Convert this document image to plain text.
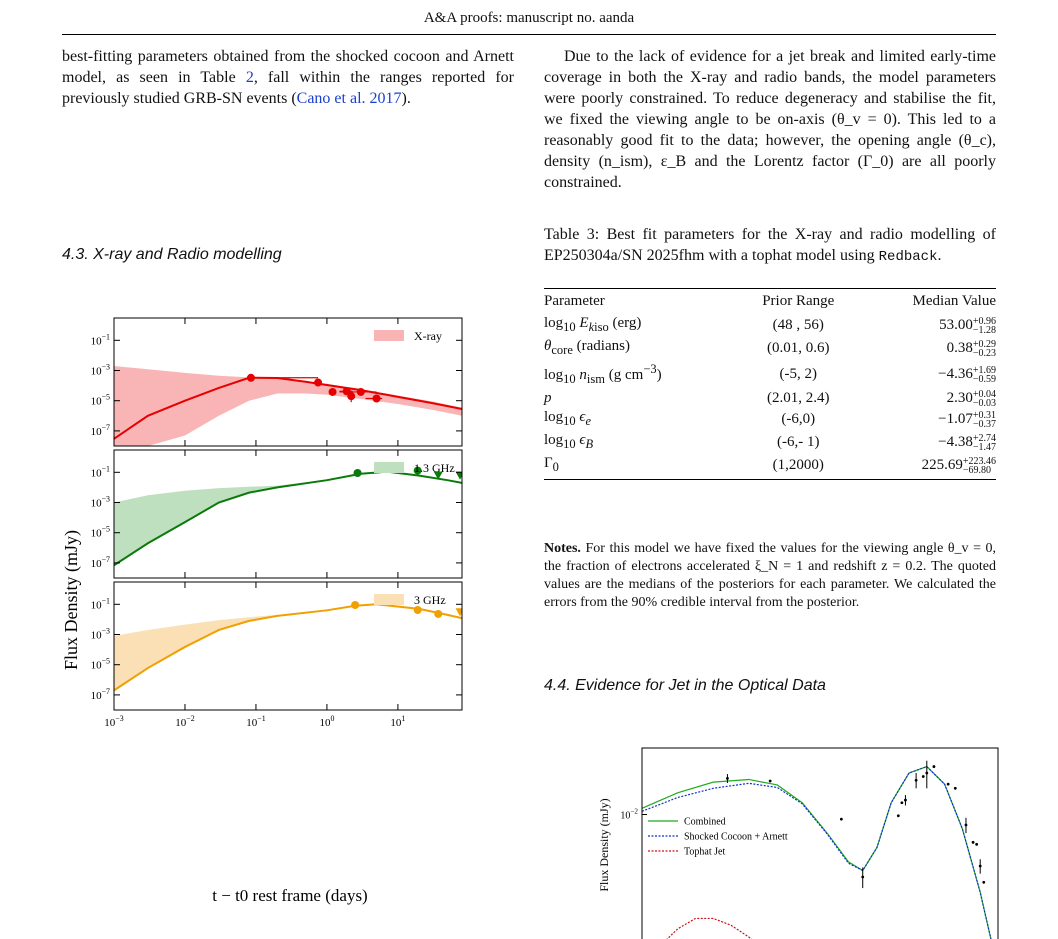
A&A proofs: manuscript no. aanda
best-fitting parameters obtained from the shocked cocoon and Arnett model, as seen in Table 2, fall within the ranges reported for previously studied GRB-SN events (Cano et al. 2017).
4.3. X-ray and Radio modelling
$10^{-1}$
$10^{-3}$
$10^{-5}$
$10^{-7}$
X-ray
$10^{-1}$
$10^{-3}$
$10^{-5}$
$10^{-7}$
1.3 GHz
$10^{-1}$
$10^{-3}$
$10^{-5}$
$10^{-7}$
3 GHz
$10^{-3}$	$10^{-2}$	$10^{-1}$	$10^0$	$10^1$
Flux Density (mJy)
t − t0 rest frame (days)
Due to the lack of evidence for a jet break and limited early-time coverage in both the X-ray and radio bands, the model parameters were poorly constrained. To reduce degeneracy and stabilise the fit, we fixed the viewing angle to be on-axis (θ_v = 0). This led to a reasonably good fit to the data; however, the opening angle (θ_c), density (n_ism), ε_B and the Lorentz factor (Γ_0) are all poorly constrained.
Table 3: Best fit parameters for the X-ray and radio modelling of EP250304a/SN 2025fhm with a tophat model using Redback.
Parameter	Prior Range	Median Value
$\log_{10} E_{kiso}$ (erg)	(48 , 56)	53.00 +0.96
−1.28

$\theta_{core}$ (radians)	(0.01, 0.6)	0.38 +0.29
−0.23

$\log_{10} n_{ism}$ (g $cm^{-3}$)	(-5, 2)	−4.36 +1.69
−0.59

p	(2.01, 2.4)	2.30 +0.04
−0.03

$\log_{10} \epsilon_e$	(-6,0)	−1.07 +0.31
−0.37

$\log_{10} \epsilon_B$	(-6,- 1)	−4.38 +2.74
−1.47

$\Gamma_0$	(1,2000)	225.69 +223.46
−69.80
Notes. For this model we have fixed the values for the viewing angle θ_v = 0, the fraction of electrons accelerated ξ_N = 1 and redshift z = 0.2. The quoted values are the medians of the posteriors for each parameter. We calculated the errors from the 90% credible interval from the posterior.
4.4. Evidence for Jet in the Optical Data
$10^{-2}$
Combined
Shocked Cocoon + Arnett
Tophat Jet
Flux Density (mJy)
